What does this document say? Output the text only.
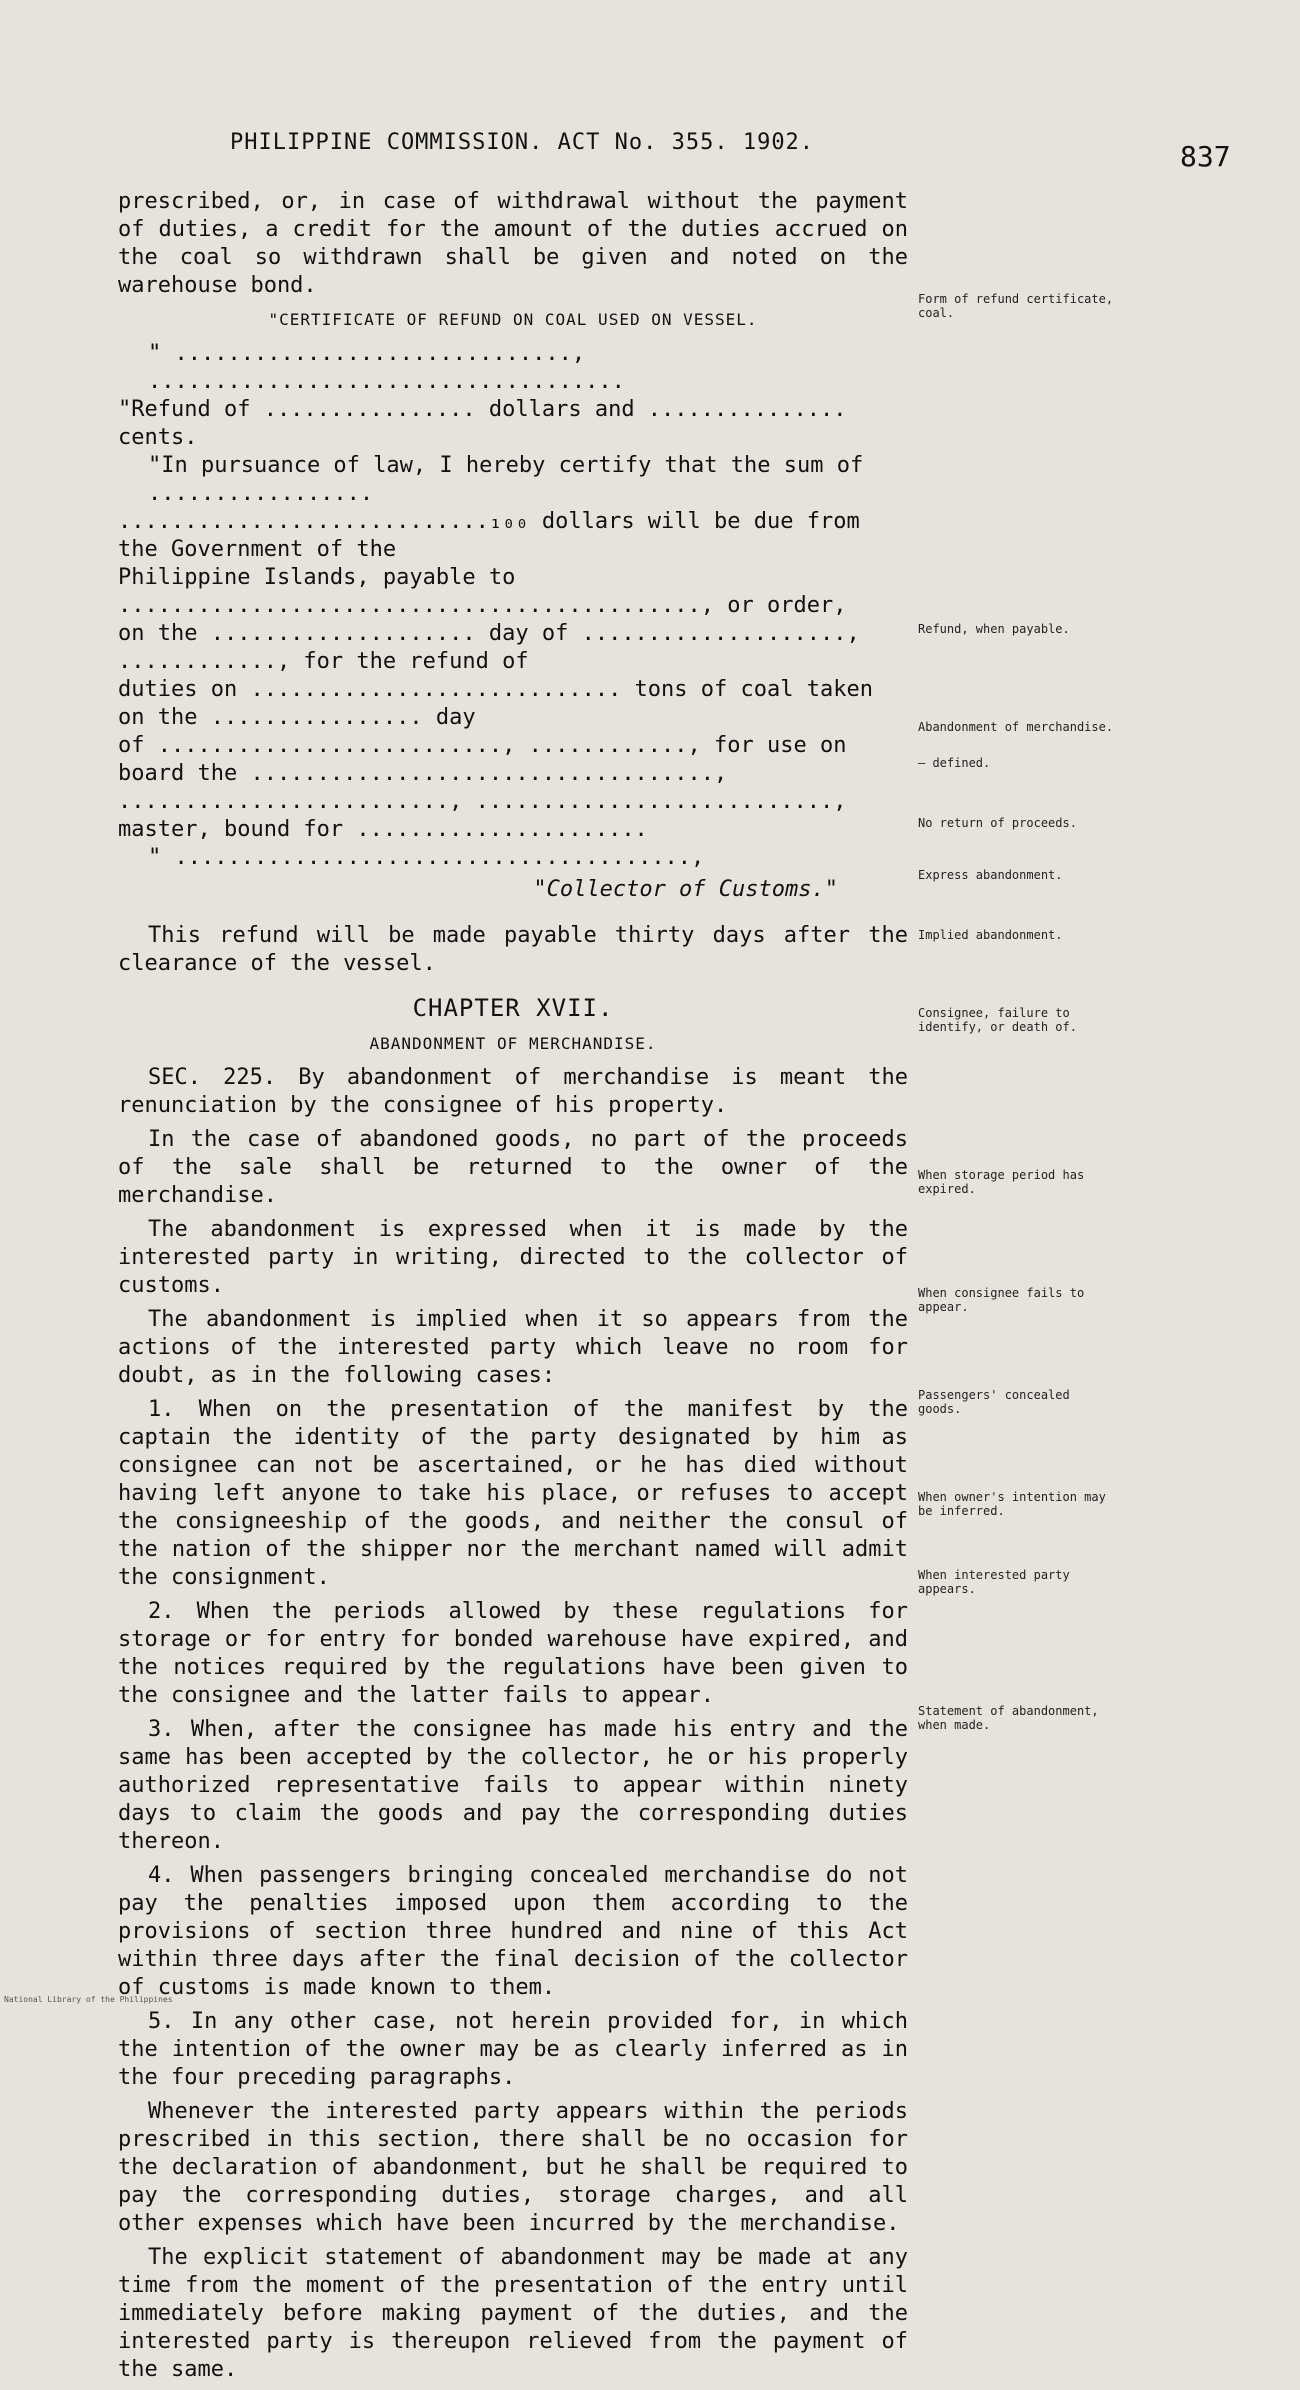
PHILIPPINE COMMISSION. ACT No. 355. 1902.	837

prescribed, or, in case of withdrawal without the payment of duties, a credit for the amount of the duties accrued on the coal so withdrawn shall be given and noted on the warehouse bond.

"CERTIFICATE OF REFUND ON COAL USED ON VESSEL.
" .............................., ....................................
"Refund of ................ dollars and ............... cents.
"In pursuance of law, I hereby certify that the sum of .................
............................₁₀₀ dollars will be due from the Government of the
Philippine Islands, payable to ............................................, or order,
on the .................... day of ...................., ............, for the refund of
duties on ............................ tons of coal taken on the ................ day
of .........................., ............, for use on board the ...................................,
........................., ..........................., master, bound for ......................
" .......................................,
"Collector of Customs."

This refund will be made payable thirty days after the clearance of the vessel.

CHAPTER XVII.
ABANDONMENT OF MERCHANDISE.

SEC. 225. By abandonment of merchandise is meant the renunciation by the consignee of his property.

In the case of abandoned goods, no part of the proceeds of the sale shall be returned to the owner of the merchandise.

The abandonment is expressed when it is made by the interested party in writing, directed to the collector of customs.

The abandonment is implied when it so appears from the actions of the interested party which leave no room for doubt, as in the following cases:

1. When on the presentation of the manifest by the captain the identity of the party designated by him as consignee can not be ascertained, or he has died without having left anyone to take his place, or refuses to accept the consigneeship of the goods, and neither the consul of the nation of the shipper nor the merchant named will admit the consignment.

2. When the periods allowed by these regulations for storage or for entry for bonded warehouse have expired, and the notices required by the regulations have been given to the consignee and the latter fails to appear.

3. When, after the consignee has made his entry and the same has been accepted by the collector, he or his properly authorized representative fails to appear within ninety days to claim the goods and pay the corresponding duties thereon.

4. When passengers bringing concealed merchandise do not pay the penalties imposed upon them according to the provisions of section three hundred and nine of this Act within three days after the final decision of the collector of customs is made known to them.

5. In any other case, not herein provided for, in which the intention of the owner may be as clearly inferred as in the four preceding paragraphs.

Whenever the interested party appears within the periods prescribed in this section, there shall be no occasion for the declaration of abandonment, but he shall be required to pay the corresponding duties, storage charges, and all other expenses which have been incurred by the merchandise.

The explicit statement of abandonment may be made at any time from the moment of the presentation of the entry until immediately before making payment of the duties, and the interested party is thereupon relieved from the payment of the same.

Form of refund certificate, coal.
Refund, when payable.
Abandonment of merchandise.
— defined.
No return of proceeds.
Express abandonment.
Implied abandonment.
Consignee, failure to identify, or death of.
When storage period has expired.
When consignee fails to appear.
Passengers' concealed goods.
When owner's intention may be inferred.
When interested party appears.
Statement of abandonment, when made.
National Library of the Philippines
